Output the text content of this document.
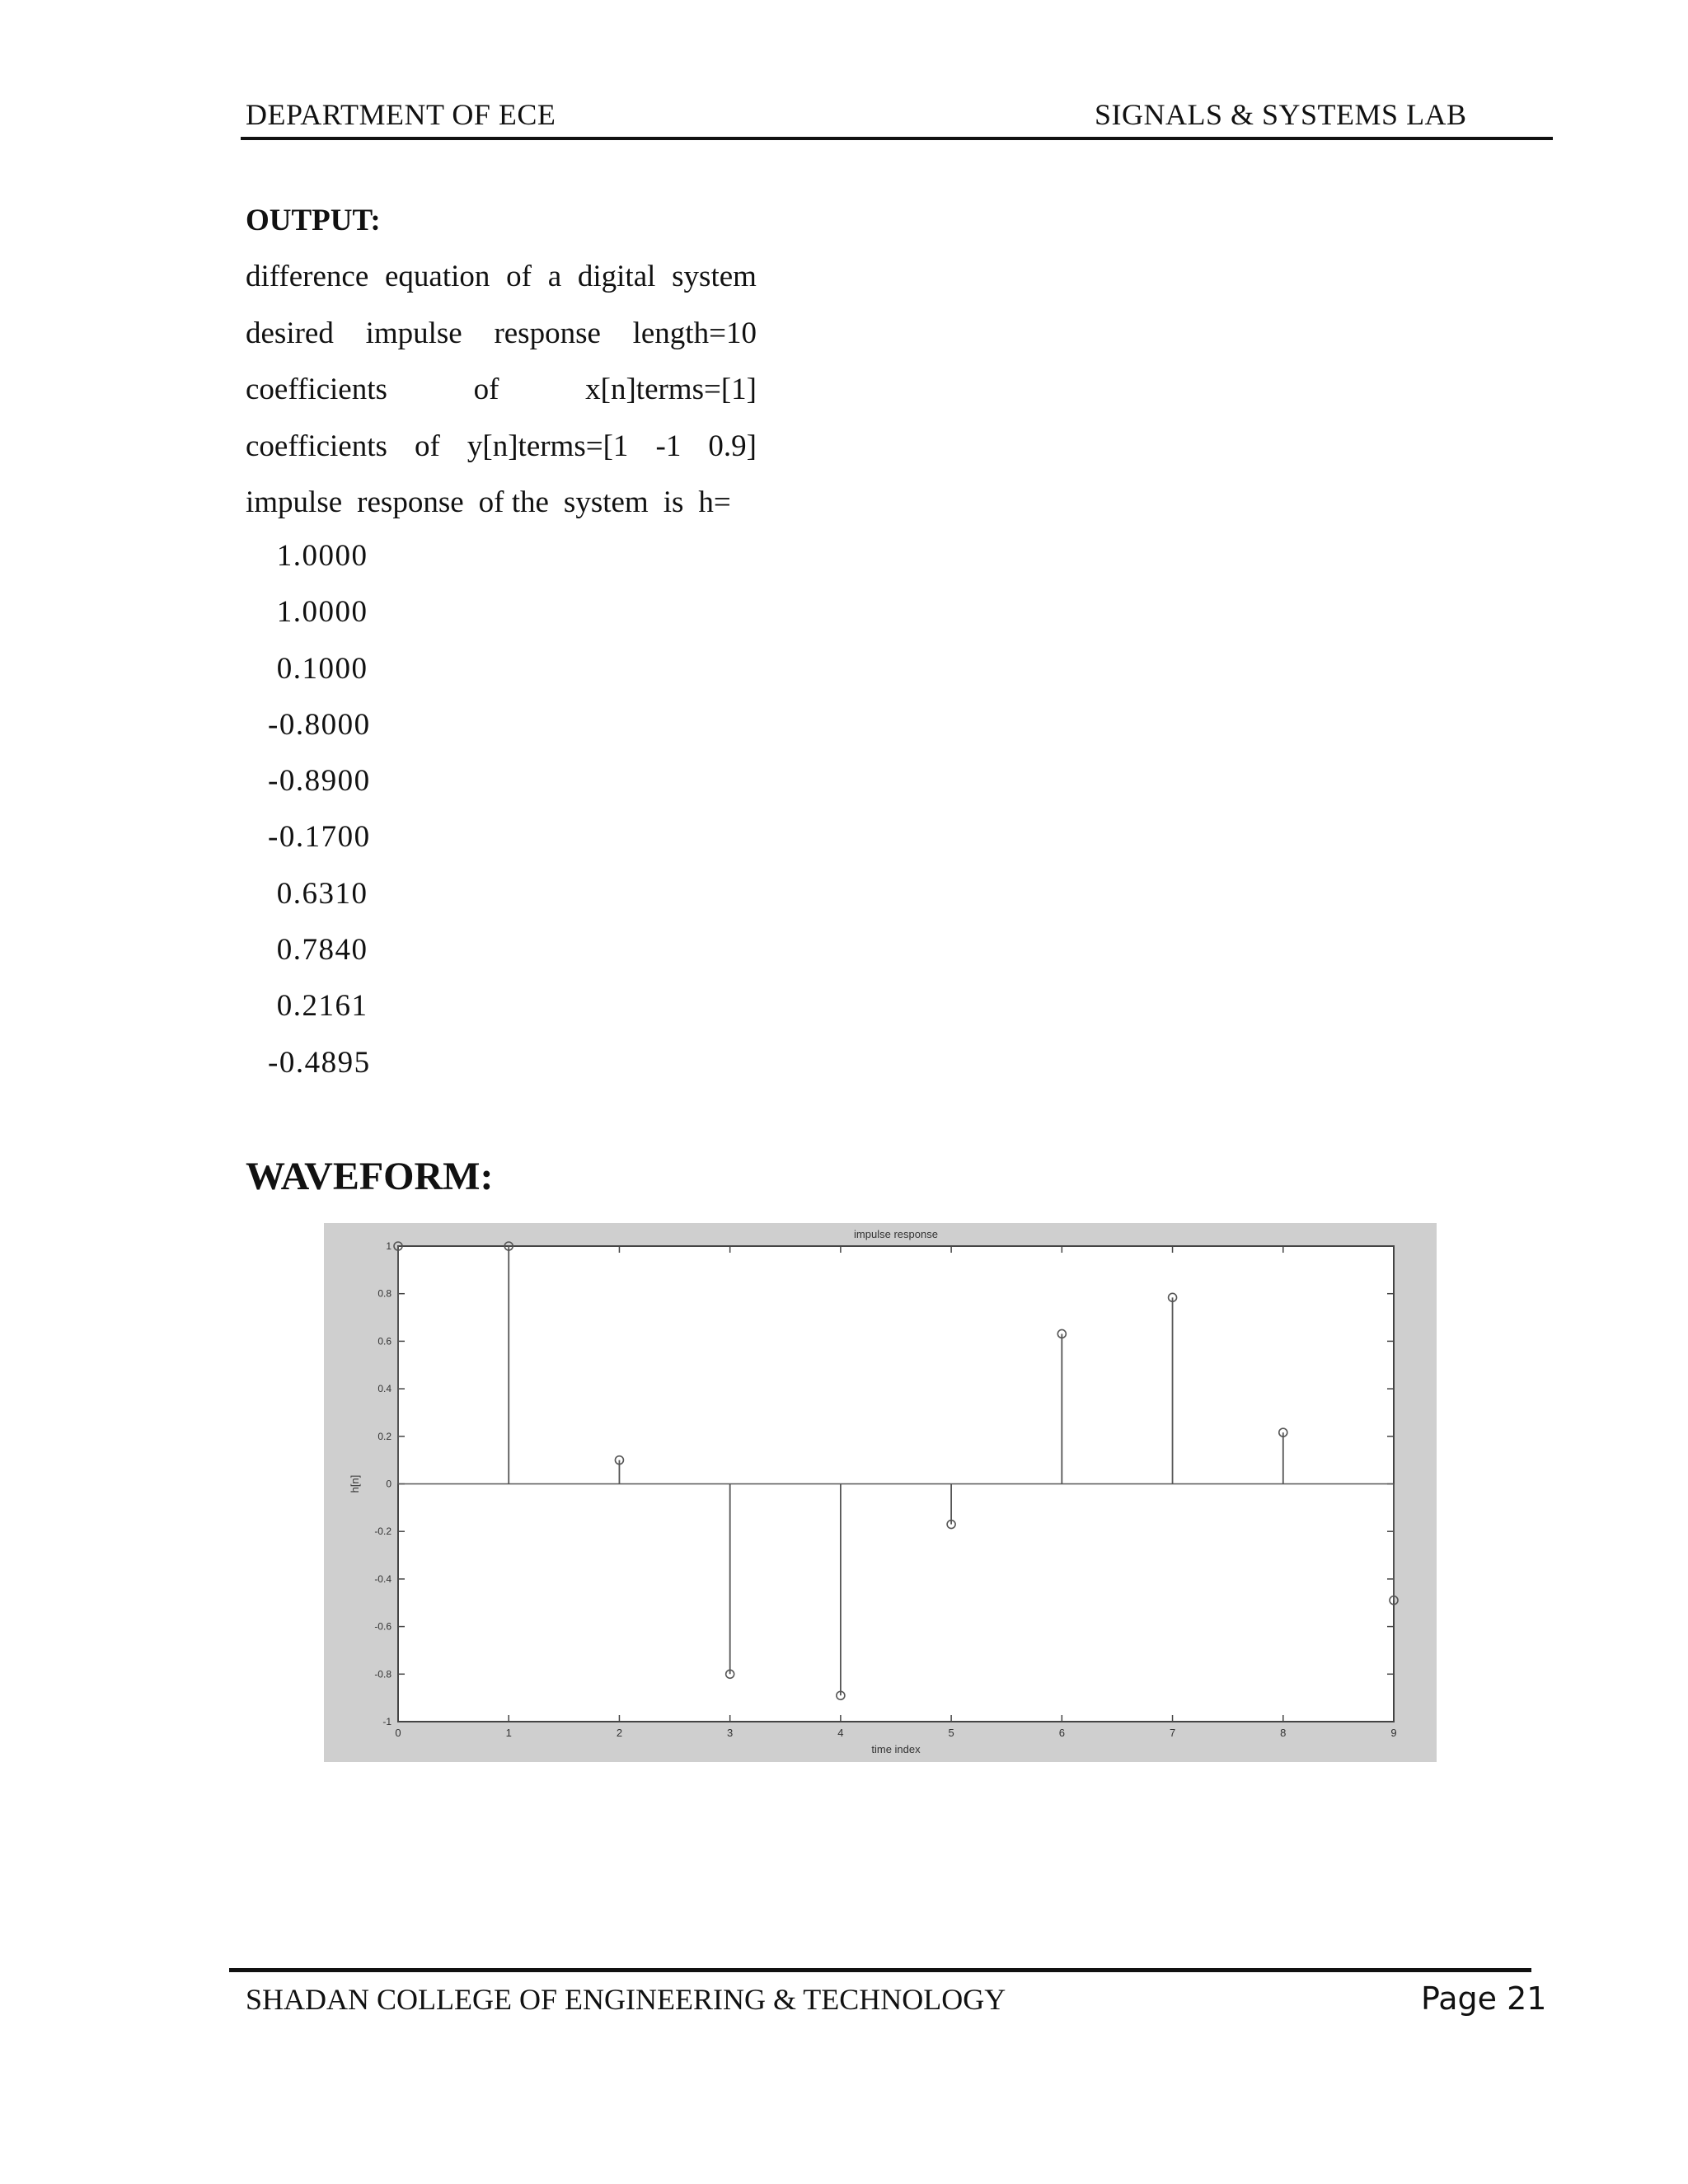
DEPARTMENT OF ECE	SIGNALS & SYSTEMS LAB
OUTPUT:
difference equation of a digital system
desired impulse response length=10
coefficients	of	x[n]terms=[1]
coefficients of y[n]terms=[1 -1 0.9]
impulse response of the system is h=
1.0000
1.0000
0.1000
-0.8000
-0.8900
-0.1700
0.6310
0.7840
0.2161
-0.4895
WAVEFORM:
0	1	2	3	4	5	6	7	8	9
1
0.8
0.6
0.4
0.2
0
-0.2
-0.4
-0.6
-0.8
-1
impulse response
time index
h[n]
SHADAN COLLEGE OF ENGINEERING & TECHNOLOGY	Page 21
